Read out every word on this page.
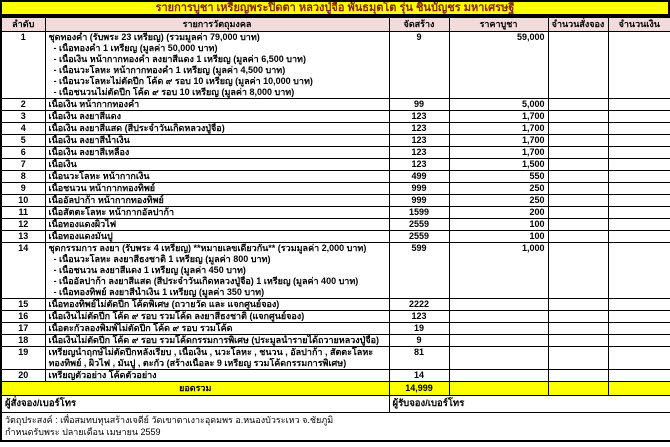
รายการบูชา เหรียญพระปิดตา หลวงปู่จื่อ พันธมุตโต รุ่น ชินบัญชร มหาเศรษฐี
ลำดับ	รายการวัตถุมงคล	จัดสร้าง	ราคาบูชา	จำนวนสั่งจอง	จำนวนเงิน
1	ชุดทองคำ (รับพระ 23 เหรียญ) (รวมมูลค่า 79,000 บาท)
- เนื้อทองคำ 1 เหรียญ (มูลค่า 50,000 บาท)
- เนื้อเงิน หน้ากากทองคำ ลงยาสีแดง 1 เหรียญ (มูลค่า 6,500 บาท)
- เนื้อนวะโลหะ หน้ากากทองคำ 1 เหรียญ (มูลค่า 4,500 บาท)
- เนื้อนวะโลหะไม่ตัดปีก โค้ด ๙ รอบ 10 เหรียญ (มูลค่า 10,000 บาท)
- เนื้อชนวนไม่ตัดปีก โค้ด ๙ รอบ 10 เหรียญ (มูลค่า 8,000 บาท)
	9	59,000		
2	เนื้อเงิน หน้ากากทองคำ	99	5,000		
3	เนื้อเงิน ลงยาสีแดง	123	1,700		
4	เนื้อเงิน ลงยาสีแสด (สีประจำวันเกิดหลวงปู่จื่อ)	123	1,700		
5	เนื้อเงิน ลงยาสีน้ำเงิน	123	1,700		
6	เนื้อเงิน ลงยาสีเหลือง	123	1,700		
7	เนื้อเงิน	123	1,500		
8	เนื้อนวะโลหะ หน้ากากเงิน	499	550		
9	เนื้อชนวน หน้ากากทองทิพย์	999	250		
10	เนื้ออัลปาก้า หน้ากากทองทิพย์	999	250		
11	เนื้อสัตตะโลหะ หน้ากากอัลปาก้า	1599	200		
12	เนื้อทองแดงผิวไฟ	2559	100		
13	เนื้อทองแดงมันปู	2559	100		
14	ชุดกรรมการ ลงยา (รับพระ 4 เหรียญ) **หมายเลขเดียวกัน** (รวมมูลค่า 2,000 บาท)
- เนื้อนวะโลหะ ลงยาสีธงชาติ 1 เหรียญ (มูลค่า 800 บาท)
- เนื้อชนวน ลงยาสีแดง 1 เหรียญ (มูลค่า 450 บาท)
- เนื้ออัลปาก้า ลงยาสีแสด (สีประจำวันเกิดหลวงปู่จื่อ) 1 เหรียญ (มูลค่า 400 บาท)
- เนื้อทองทิพย์ ลงยาสีน้ำเงิน 1 เหรียญ (มูลค่า 350 บาท)	599	1,000		
15	เนื้อทองทิพย์ไม่ตัดปีก โค้ดพิเศษ (ถวายวัด และ แจกศูนย์จอง)	2222			
16	เนื้อเงินไม่ตัดปีก โค้ด ๙ รอบ รวมโค้ด ลงยาสีธงชาติ (แจกศูนย์จอง)	123			
17	เนื้อตะกั่วลองพิมพ์ไม่ตัดปีก โค้ด ๙ รอบ รวมโค้ด	19			
18	เนื้อเงินไม่ตัดปีก โค้ด ๙ รอบ รวมโค้ดกรรมการพิเศษ (ประมูลนำรายได้ถวายหลวงปู่จื่อ)	9			
19	เหรียญนำฤกษ์ไม่ตัดปีกหลังเรียบ , เนื้อเงิน , นวะโลหะ , ชนวน , อัลปาก้า , สัตตะโลหะ
ทองทิพย์ , ผิวไฟ , มันปู , ตะกั่ว (สร้างเนื้อละ 9 เหรียญ รวมโค้ดกรรมการพิเศษ)	81			
20	เหรียญตัวอย่าง โค้ดตัวอย่าง	14			
ยอดรวม		14,999			
ผู้สั่งจอง/เบอร์โทร		ผู้รับจอง/เบอร์โทร			

วัตถุประสงค์ : เพื่อสมทบทุนสร้างเจดีย์ วัดเขาตาเงาะอุดมพร อ.หนองบัวระเหว จ.ชัยภูมิ
กำหนดรับพระ ปลายเดือน เมษายน 2559					
